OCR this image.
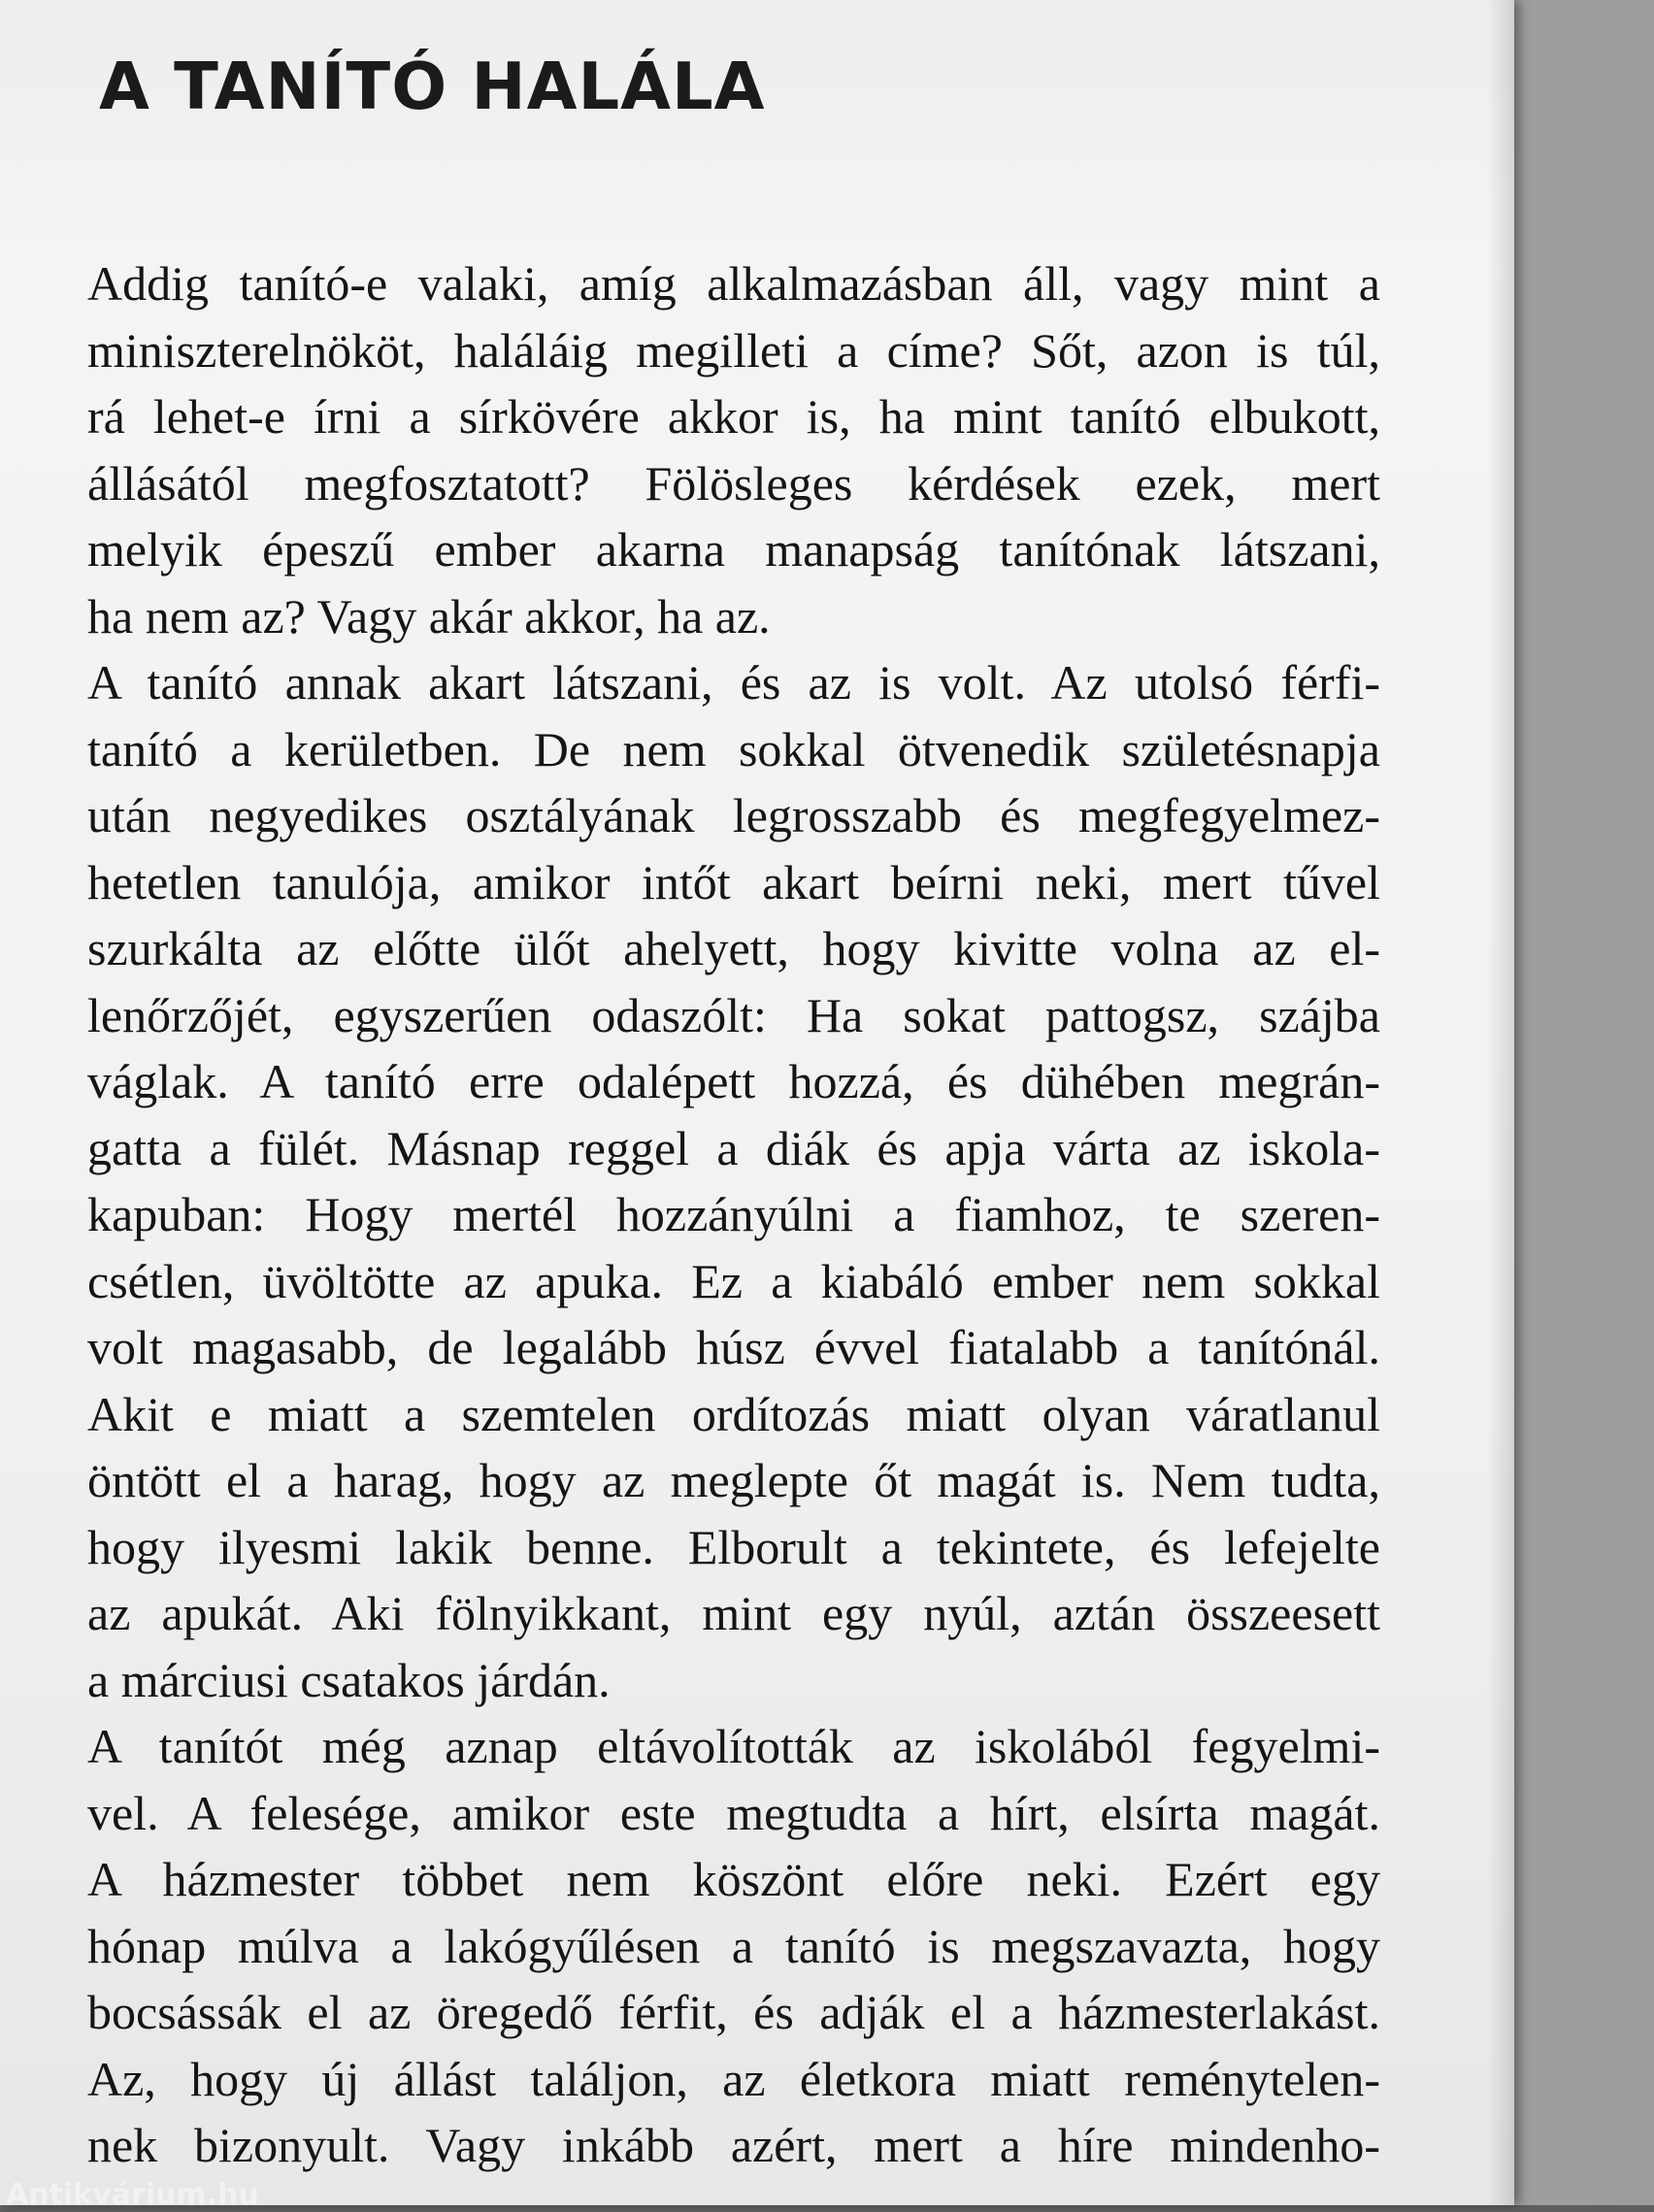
A TANÍTÓ HALÁLA
Addig tanító-e valaki, amíg alkalmazásban áll, vagy mint a
miniszterelnököt, haláláig megilleti a címe? Sőt, azon is túl,
rá lehet-e írni a sírkövére akkor is, ha mint tanító elbukott,
állásától megfosztatott? Fölösleges kérdések ezek, mert
melyik épeszű ember akarna manapság tanítónak látszani,
ha nem az? Vagy akár akkor, ha az.
A tanító annak akart látszani, és az is volt. Az utolsó férfi-
tanító a kerületben. De nem sokkal ötvenedik születésnapja
után negyedikes osztályának legrosszabb és megfegyelmez-
hetetlen tanulója, amikor intőt akart beírni neki, mert tűvel
szurkálta az előtte ülőt ahelyett, hogy kivitte volna az el-
lenőrzőjét, egyszerűen odaszólt: Ha sokat pattogsz, szájba
váglak. A tanító erre odalépett hozzá, és dühében megrán-
gatta a fülét. Másnap reggel a diák és apja várta az iskola-
kapuban: Hogy mertél hozzányúlni a fiamhoz, te szeren-
csétlen, üvöltötte az apuka. Ez a kiabáló ember nem sokkal
volt magasabb, de legalább húsz évvel fiatalabb a tanítónál.
Akit e miatt a szemtelen ordítozás miatt olyan váratlanul
öntött el a harag, hogy az meglepte őt magát is. Nem tudta,
hogy ilyesmi lakik benne. Elborult a tekintete, és lefejelte
az apukát. Aki fölnyikkant, mint egy nyúl, aztán összeesett
a márciusi csatakos járdán.
A tanítót még aznap eltávolították az iskolából fegyelmi-
vel. A felesége, amikor este megtudta a hírt, elsírta magát.
A házmester többet nem köszönt előre neki. Ezért egy
hónap múlva a lakógyűlésen a tanító is megszavazta, hogy
bocsássák el az öregedő férfit, és adják el a házmesterlakást.
Az, hogy új állást találjon, az életkora miatt reménytelen-
nek bizonyult. Vagy inkább azért, mert a híre mindenho-
Antikvárium.hu
